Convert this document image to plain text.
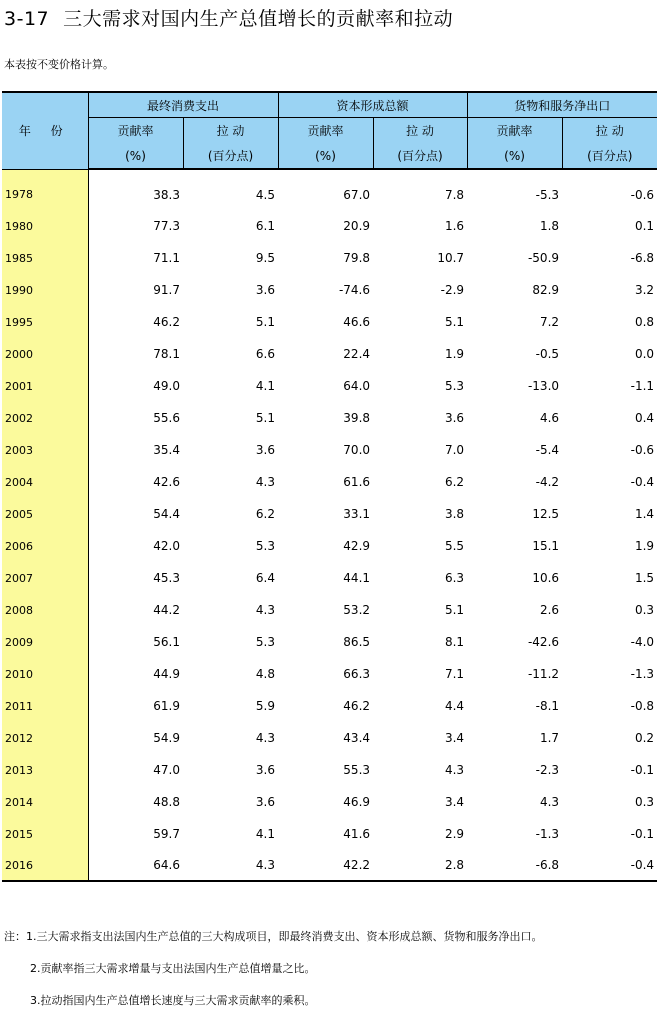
3-17 三大需求对国内生产总值增长的贡献率和拉动
本表按不变价格计算。
年 份	最终消费支出		资本形成总额		货物和服务净出口	
	贡献率	拉 动	贡献率	拉 动	贡献率	拉 动
	(%)	(百分点)	(%)	(百分点)	(%)	(百分点)
1978	38.3	4.5	67.0	7.8	-5.3	-0.6
1980	77.3	6.1	20.9	1.6	1.8	0.1
1985	71.1	9.5	79.8	10.7	-50.9	-6.8
1990	91.7	3.6	-74.6	-2.9	82.9	3.2
1995	46.2	5.1	46.6	5.1	7.2	0.8
2000	78.1	6.6	22.4	1.9	-0.5	0.0
2001	49.0	4.1	64.0	5.3	-13.0	-1.1
2002	55.6	5.1	39.8	3.6	4.6	0.4
2003	35.4	3.6	70.0	7.0	-5.4	-0.6
2004	42.6	4.3	61.6	6.2	-4.2	-0.4
2005	54.4	6.2	33.1	3.8	12.5	1.4
2006	42.0	5.3	42.9	5.5	15.1	1.9
2007	45.3	6.4	44.1	6.3	10.6	1.5
2008	44.2	4.3	53.2	5.1	2.6	0.3
2009	56.1	5.3	86.5	8.1	-42.6	-4.0
2010	44.9	4.8	66.3	7.1	-11.2	-1.3
2011	61.9	5.9	46.2	4.4	-8.1	-0.8
2012	54.9	4.3	43.4	3.4	1.7	0.2
2013	47.0	3.6	55.3	4.3	-2.3	-0.1
2014	48.8	3.6	46.9	3.4	4.3	0.3
2015	59.7	4.1	41.6	2.9	-1.3	-0.1
2016	64.6	4.3	42.2	2.8	-6.8	-0.4
注：1.三大需求指支出法国内生产总值的三大构成项目，即最终消费支出、资本形成总额、货物和服务净出口。
2.贡献率指三大需求增量与支出法国内生产总值增量之比。
3.拉动指国内生产总值增长速度与三大需求贡献率的乘积。
